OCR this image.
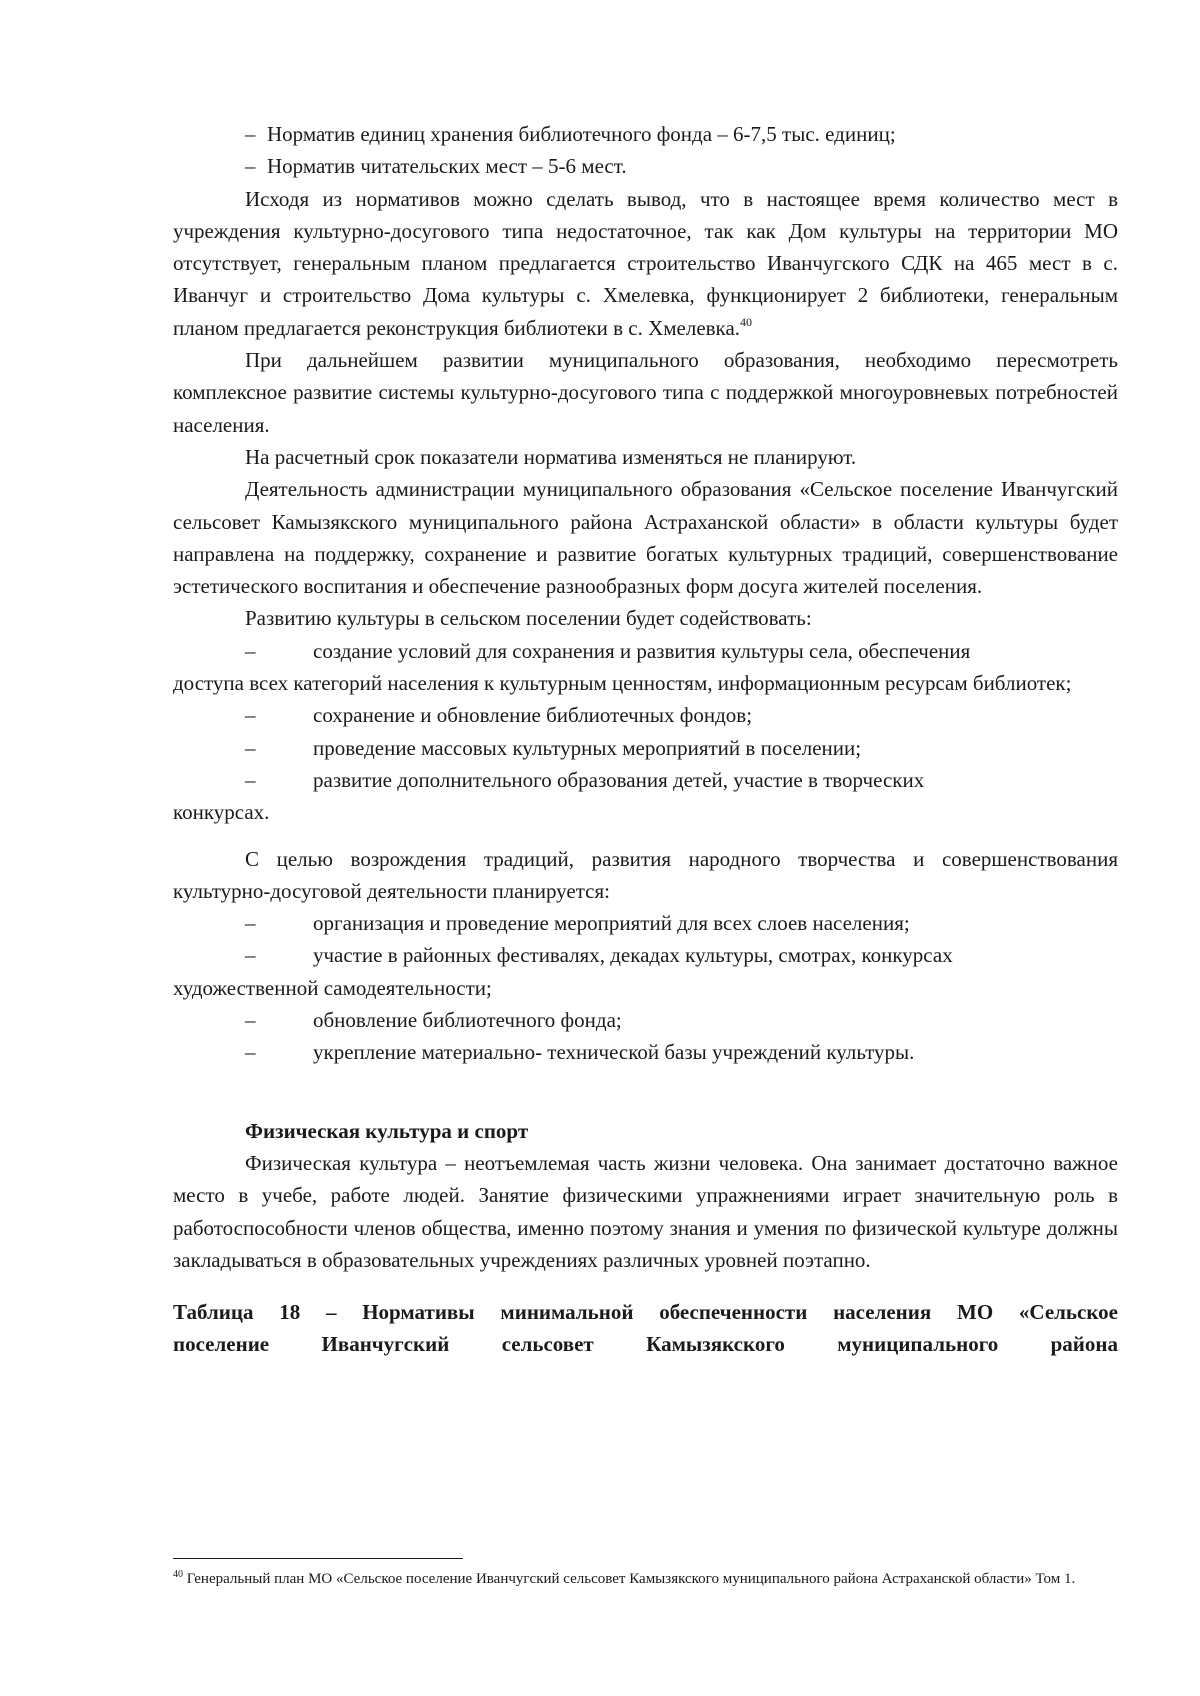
– Норматив единиц хранения библиотечного фонда – 6-7,5 тыс. единиц;

– Норматив читательских мест – 5-6 мест.

Исходя из нормативов можно сделать вывод, что в настоящее время количество мест в учреждения культурно-досугового типа недостаточное, так как Дом культуры на территории МО отсутствует, генеральным планом предлагается строительство Иванчугского СДК на 465 мест в с. Иванчуг и строительство Дома культуры с. Хмелевка, функционирует 2 библиотеки, генеральным планом предлагается реконструкция библиотеки в с. Хмелевка.$^{40}$

При дальнейшем развитии муниципального образования, необходимо пересмотреть комплексное развитие системы культурно-досугового типа с поддержкой многоуровневых потребностей населения.

На расчетный срок показатели норматива изменяться не планируют.

Деятельность администрации муниципального образования «Сельское поселение Иванчугский сельсовет Камызякского муниципального района Астраханской области» в области культуры будет направлена на поддержку, сохранение и развитие богатых культурных традиций, совершенствование эстетического воспитания и обеспечение разнообразных форм досуга жителей поселения.

Развитию культуры в сельском поселении будет содействовать:

–	создание условий для сохранения и развития культуры села, обеспечения

доступа всех категорий населения к культурным ценностям, информационным ресурсам библиотек;

–	сохранение и обновление библиотечных фондов;

–	проведение массовых культурных мероприятий в поселении;

–	развитие дополнительного образования детей, участие в творческих

конкурсах.

С целью возрождения традиций, развития народного творчества и совершенствования культурно-досуговой деятельности планируется:

–	организация и проведение мероприятий для всех слоев населения;

–	участие в районных фестивалях, декадах культуры, смотрах, конкурсах

художественной самодеятельности;

–	обновление библиотечного фонда;

–	укрепление материально- технической базы учреждений культуры.

Физическая культура и спорт

Физическая культура – неотъемлемая часть жизни человека. Она занимает достаточно важное место в учебе, работе людей. Занятие физическими упражнениями играет значительную роль в работоспособности членов общества, именно поэтому знания и умения по физической культуре должны закладываться в образовательных учреждениях различных уровней поэтапно.

Таблица 18 – Нормативы минимальной обеспеченности населения МО «Сельское

поселение Иванчугский сельсовет Камызякского муниципального района

$^{40}$ Генеральный план МО «Сельское поселение Иванчугский сельсовет Камызякского муниципального района Астраханской области» Том 1.
